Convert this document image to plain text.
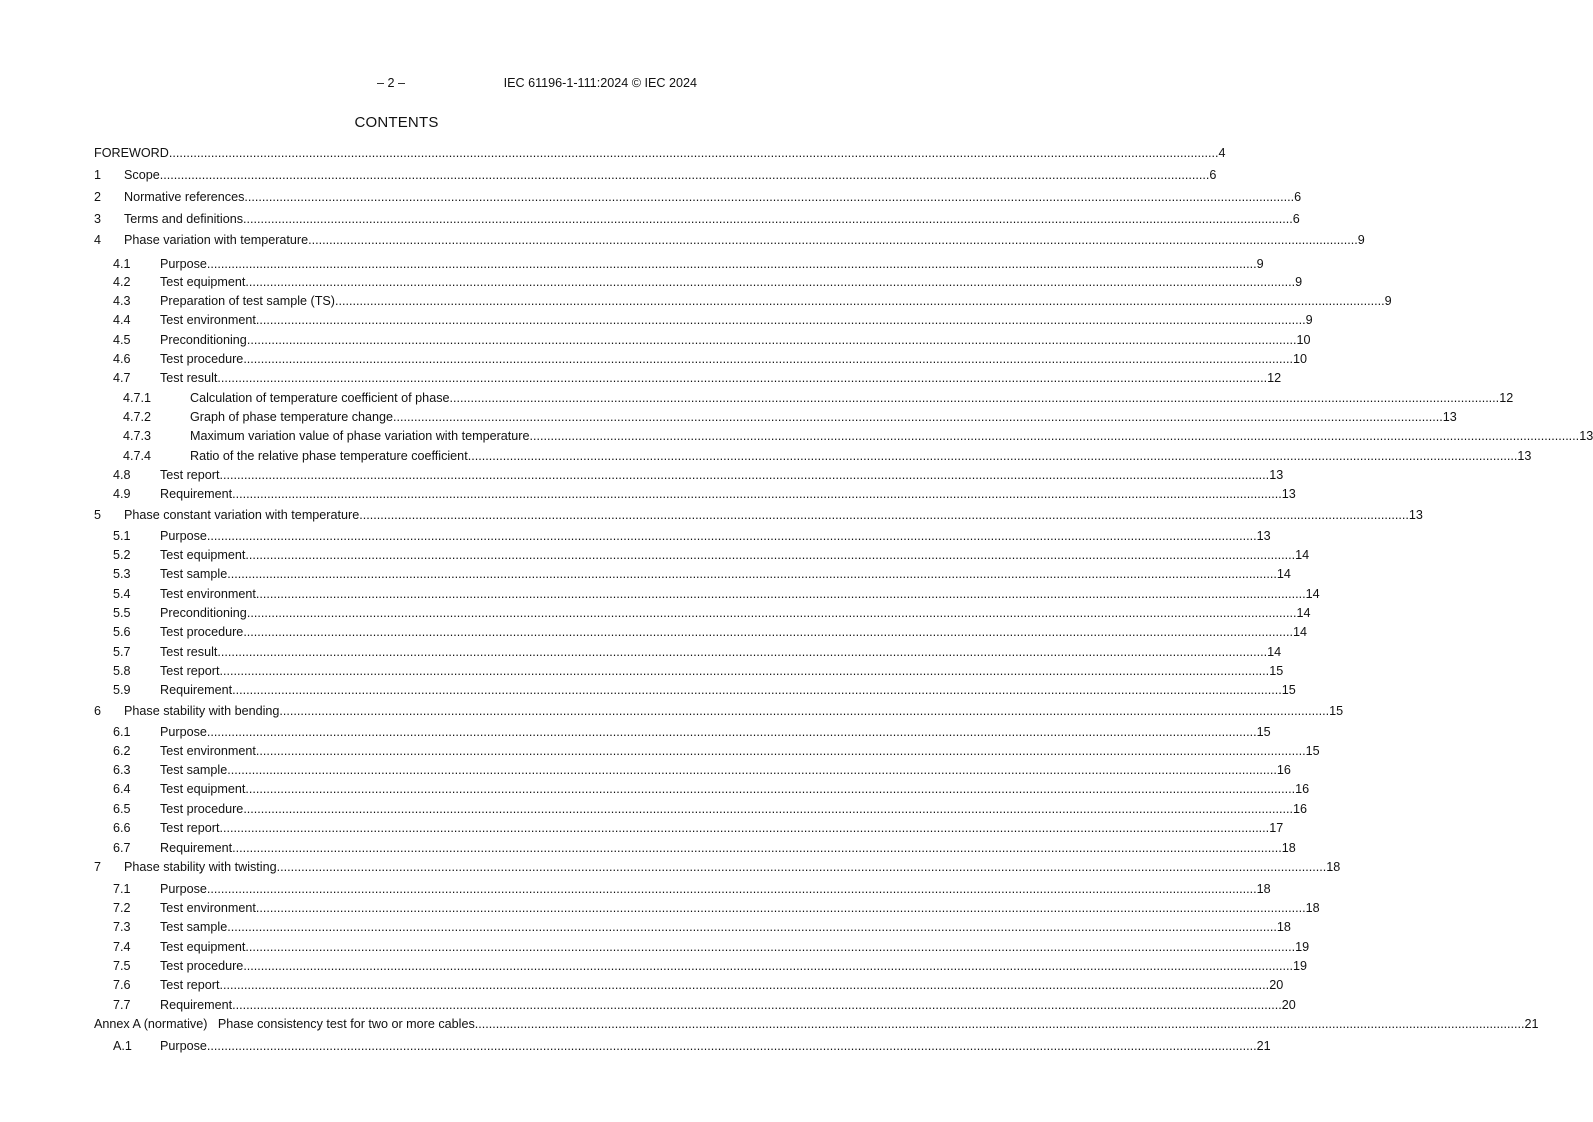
– 2 –	IEC 61196-1-111:2024 © IEC 2024
CONTENTS
FOREWORD ............................................................................................................................................................................................................................................................................................................ 4
1 Scope ............................................................................................................................................................................................................................................................................................................ 6
2 Normative references ............................................................................................................................................................................................................................................................................................................ 6
3 Terms and definitions ............................................................................................................................................................................................................................................................................................................ 6
4 Phase variation with temperature ............................................................................................................................................................................................................................................................................................................ 9
4.1 Purpose ............................................................................................................................................................................................................................................................................................................ 9
4.2 Test equipment ............................................................................................................................................................................................................................................................................................................ 9
4.3 Preparation of test sample (TS) ............................................................................................................................................................................................................................................................................................................ 9
4.4 Test environment ............................................................................................................................................................................................................................................................................................................ 9
4.5 Preconditioning ............................................................................................................................................................................................................................................................................................................ 10
4.6 Test procedure ............................................................................................................................................................................................................................................................................................................ 10
4.7 Test result ............................................................................................................................................................................................................................................................................................................ 12
4.7.1	Calculation of temperature coefficient of phase ............................................................................................................................................................................................................................................................................................................ 12
4.7.2	Graph of phase temperature change ............................................................................................................................................................................................................................................................................................................ 13
4.7.3	Maximum variation value of phase variation with temperature ............................................................................................................................................................................................................................................................................................................ 13
4.7.4	Ratio of the relative phase temperature coefficient ............................................................................................................................................................................................................................................................................................................ 13
4.8 Test report ............................................................................................................................................................................................................................................................................................................ 13
4.9 Requirement ............................................................................................................................................................................................................................................................................................................ 13
5 Phase constant variation with temperature ............................................................................................................................................................................................................................................................................................................ 13
5.1 Purpose ............................................................................................................................................................................................................................................................................................................ 13
5.2 Test equipment ............................................................................................................................................................................................................................................................................................................ 14
5.3 Test sample ............................................................................................................................................................................................................................................................................................................ 14
5.4 Test environment ............................................................................................................................................................................................................................................................................................................ 14
5.5 Preconditioning ............................................................................................................................................................................................................................................................................................................ 14
5.6 Test procedure ............................................................................................................................................................................................................................................................................................................ 14
5.7 Test result ............................................................................................................................................................................................................................................................................................................ 14
5.8 Test report ............................................................................................................................................................................................................................................................................................................ 15
5.9 Requirement ............................................................................................................................................................................................................................................................................................................ 15
6 Phase stability with bending ............................................................................................................................................................................................................................................................................................................ 15
6.1 Purpose ............................................................................................................................................................................................................................................................................................................ 15
6.2 Test environment ............................................................................................................................................................................................................................................................................................................ 15
6.3 Test sample ............................................................................................................................................................................................................................................................................................................ 16
6.4 Test equipment ............................................................................................................................................................................................................................................................................................................ 16
6.5 Test procedure ............................................................................................................................................................................................................................................................................................................ 16
6.6 Test report ............................................................................................................................................................................................................................................................................................................ 17
6.7 Requirement ............................................................................................................................................................................................................................................................................................................ 18
7 Phase stability with twisting ............................................................................................................................................................................................................................................................................................................ 18
7.1 Purpose ............................................................................................................................................................................................................................................................................................................ 18
7.2 Test environment ............................................................................................................................................................................................................................................................................................................ 18
7.3 Test sample ............................................................................................................................................................................................................................................................................................................ 18
7.4 Test equipment ............................................................................................................................................................................................................................................................................................................ 19
7.5 Test procedure ............................................................................................................................................................................................................................................................................................................ 19
7.6 Test report ............................................................................................................................................................................................................................................................................................................ 20
7.7 Requirement ............................................................................................................................................................................................................................................................................................................ 20
Annex A (normative)   Phase consistency test for two or more cables ............................................................................................................................................................................................................................................................................................................ 21
A.1 Purpose ............................................................................................................................................................................................................................................................................................................ 21
